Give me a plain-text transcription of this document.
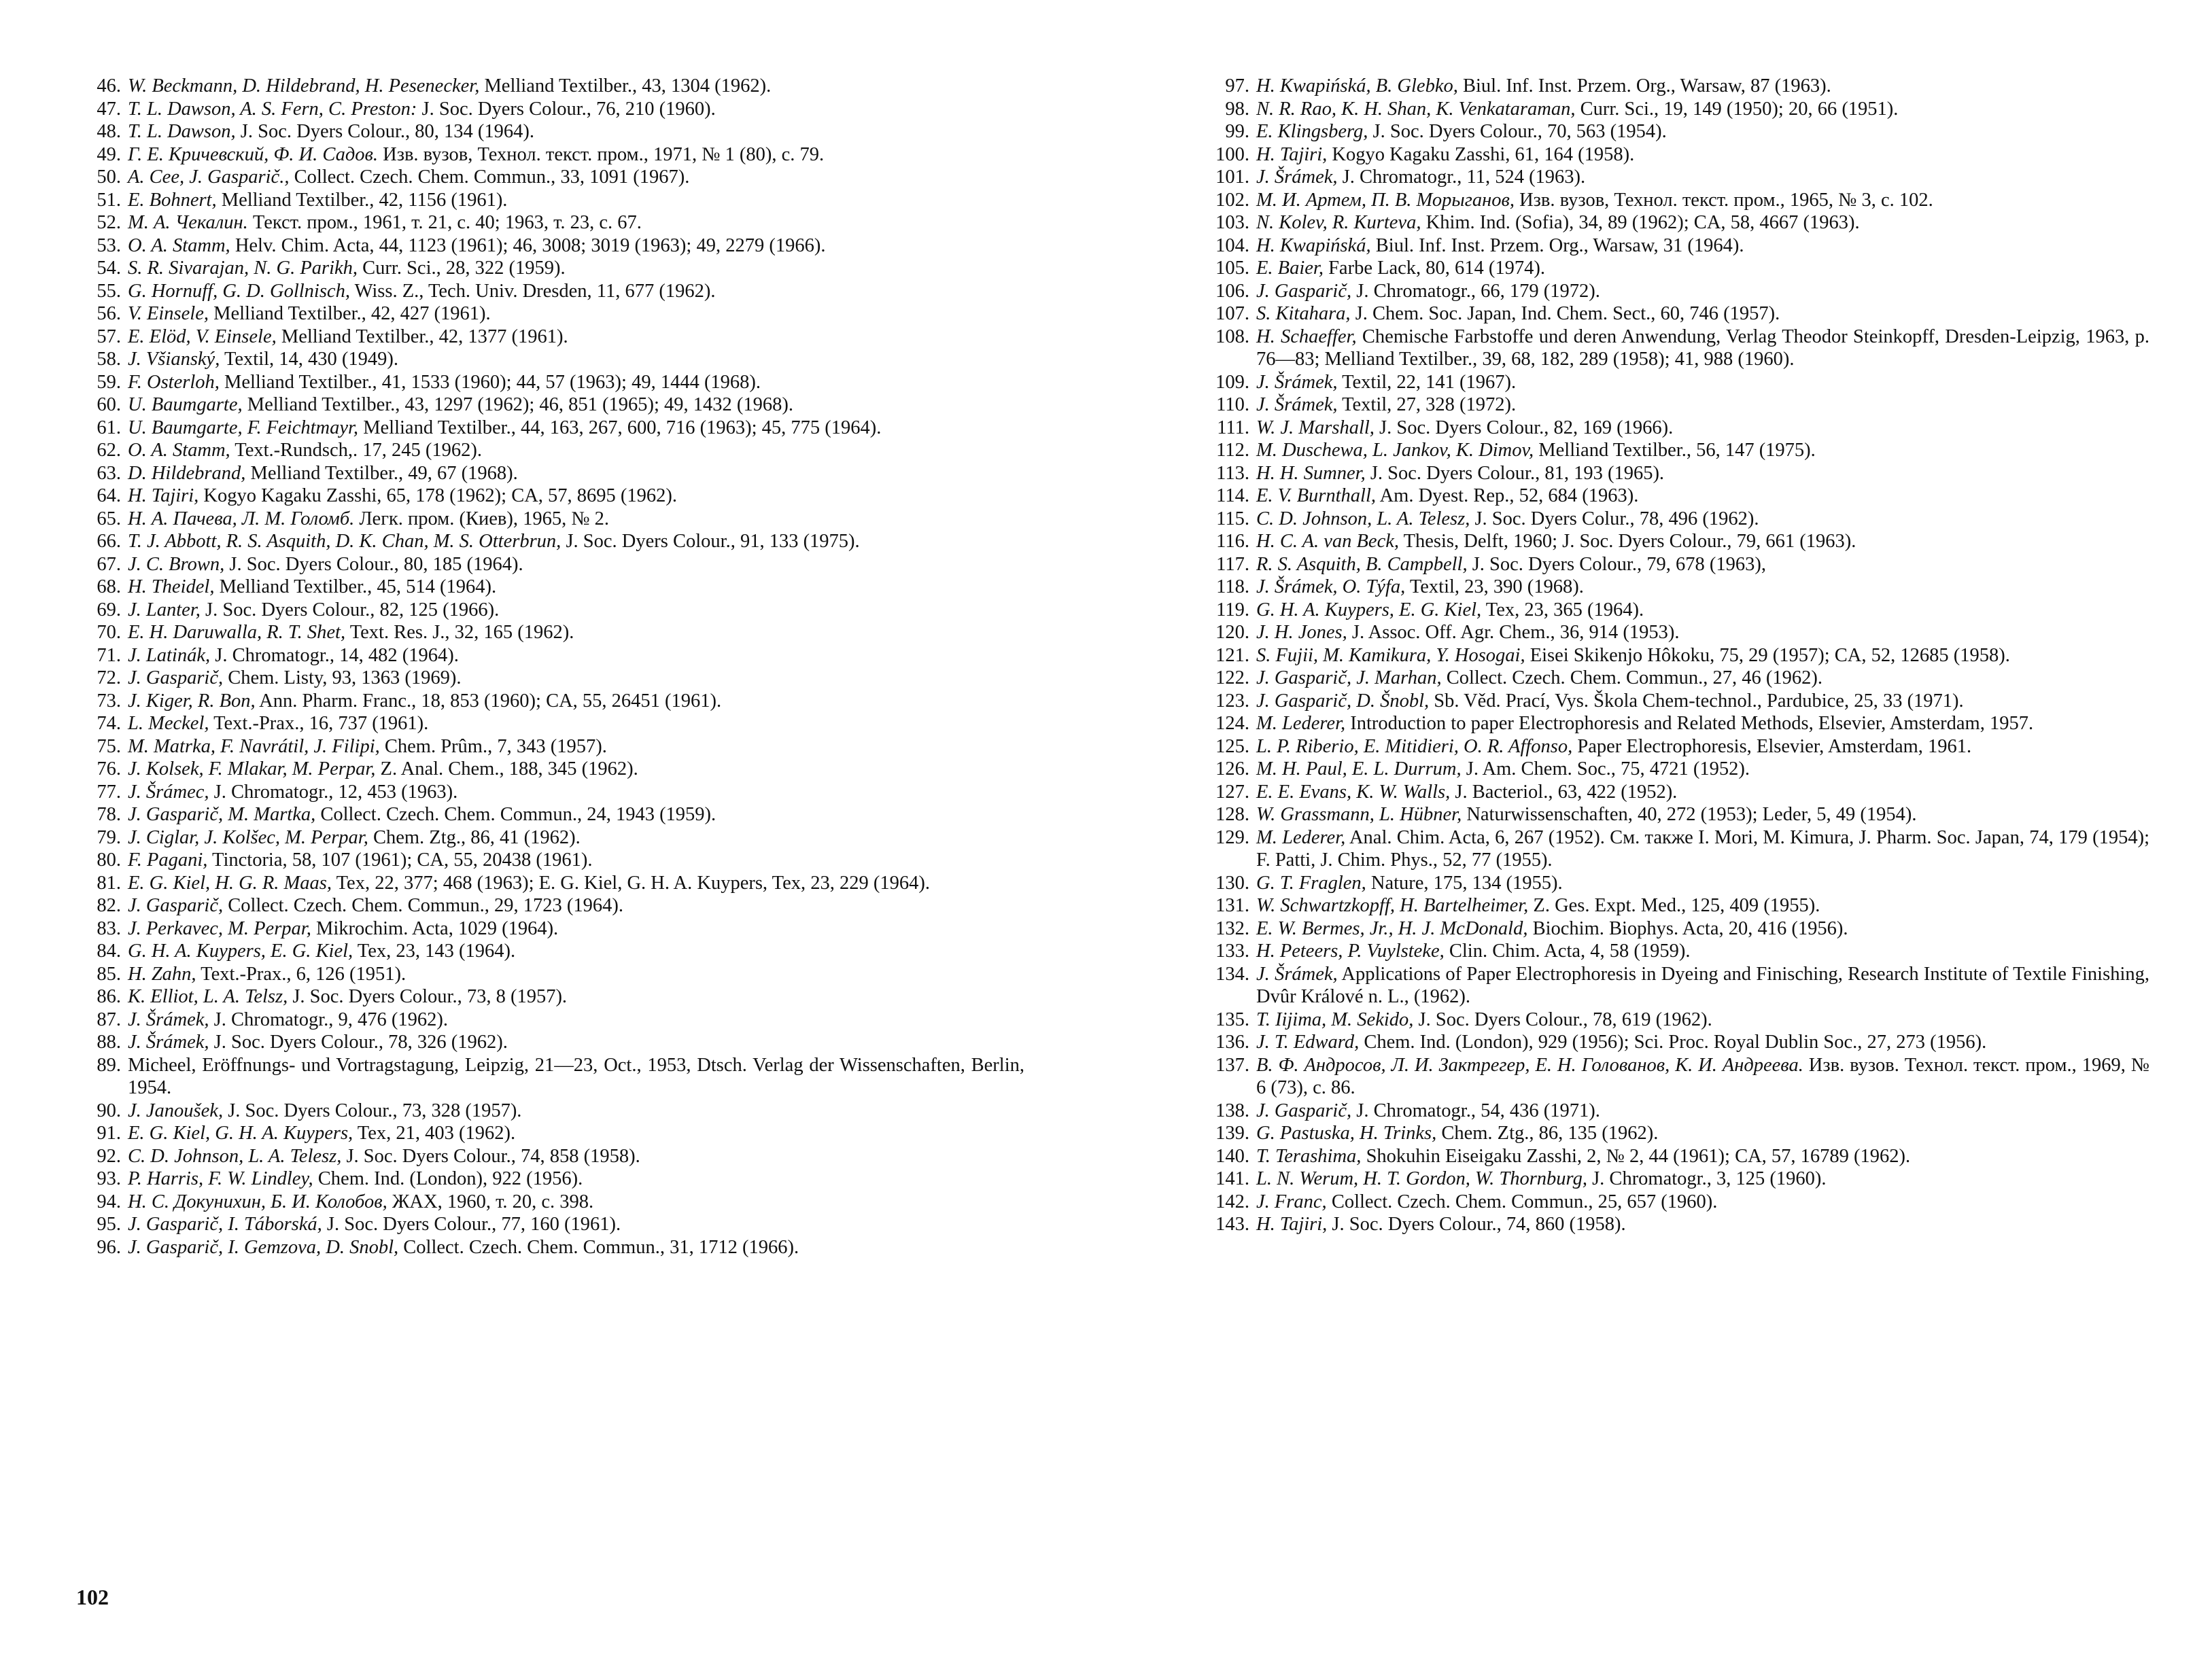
46. W. Beckmann, D. Hildebrand, H. Pesenecker, Melliand Textilber., 43, 1304 (1962).
47. T. L. Dawson, A. S. Fern, C. Preston: J. Soc. Dyers Colour., 76, 210 (1960).
48. T. L. Dawson, J. Soc. Dyers Colour., 80, 134 (1964).
49. Г. Е. Кричевский, Ф. И. Садов. Изв. вузов, Технол. текст. пром., 1971, № 1 (80), с. 79.
50. A. Cee, J. Gasparič., Collect. Czech. Chem. Commun., 33, 1091 (1967).
51. E. Bohnert, Melliand Textilber., 42, 1156 (1961).
52. М. А. Чекалин. Текст. пром., 1961, т. 21, с. 40; 1963, т. 23, с. 67.
53. O. A. Stamm, Helv. Chim. Acta, 44, 1123 (1961); 46, 3008; 3019 (1963); 49, 2279 (1966).
54. S. R. Sivarajan, N. G. Parikh, Curr. Sci., 28, 322 (1959).
55. G. Hornuff, G. D. Gollnisch, Wiss. Z., Tech. Univ. Dresden, 11, 677 (1962).
56. V. Einsele, Melliand Textilber., 42, 427 (1961).
57. E. Elöd, V. Einsele, Melliand Textilber., 42, 1377 (1961).
58. J. Všianský, Textil, 14, 430 (1949).
59. F. Osterloh, Melliand Textilber., 41, 1533 (1960); 44, 57 (1963); 49, 1444 (1968).
60. U. Baumgarte, Melliand Textilber., 43, 1297 (1962); 46, 851 (1965); 49, 1432 (1968).
61. U. Baumgarte, F. Feichtmayr, Melliand Textilber., 44, 163, 267, 600, 716 (1963); 45, 775 (1964).
62. O. A. Stamm, Text.-Rundsch,. 17, 245 (1962).
63. D. Hildebrand, Melliand Textilber., 49, 67 (1968).
64. H. Tajiri, Kogyo Kagaku Zasshi, 65, 178 (1962); CA, 57, 8695 (1962).
65. Н. А. Пачева, Л. М. Голомб. Легк. пром. (Киев), 1965, № 2.
66. T. J. Abbott, R. S. Asquith, D. K. Chan, M. S. Otterbrun, J. Soc. Dyers Colour., 91, 133 (1975).
67. J. C. Brown, J. Soc. Dyers Colour., 80, 185 (1964).
68. H. Theidel, Melliand Textilber., 45, 514 (1964).
69. J. Lanter, J. Soc. Dyers Colour., 82, 125 (1966).
70. E. H. Daruwalla, R. T. Shet, Text. Res. J., 32, 165 (1962).
71. J. Latinák, J. Chromatogr., 14, 482 (1964).
72. J. Gasparič, Chem. Listy, 93, 1363 (1969).
73. J. Kiger, R. Bon, Ann. Pharm. Franc., 18, 853 (1960); CA, 55, 26451 (1961).
74. L. Meckel, Text.-Prax., 16, 737 (1961).
75. M. Matrka, F. Navrátil, J. Filipi, Chem. Prûm., 7, 343 (1957).
76. J. Kolsek, F. Mlakar, M. Perpar, Z. Anal. Chem., 188, 345 (1962).
77. J. Šrámec, J. Chromatogr., 12, 453 (1963).
78. J. Gasparič, M. Martka, Collect. Czech. Chem. Commun., 24, 1943 (1959).
79. J. Ciglar, J. Kolšec, M. Perpar, Chem. Ztg., 86, 41 (1962).
80. F. Pagani, Tinctoria, 58, 107 (1961); CA, 55, 20438 (1961).
81. E. G. Kiel, H. G. R. Maas, Tex, 22, 377; 468 (1963); E. G. Kiel, G. H. A. Kuypers, Tex, 23, 229 (1964).
82. J. Gasparič, Collect. Czech. Chem. Commun., 29, 1723 (1964).
83. J. Perkavec, M. Perpar, Mikrochim. Acta, 1029 (1964).
84. G. H. A. Kuypers, E. G. Kiel, Tex, 23, 143 (1964).
85. H. Zahn, Text.-Prax., 6, 126 (1951).
86. K. Elliot, L. A. Telsz, J. Soc. Dyers Colour., 73, 8 (1957).
87. J. Šrámek, J. Chromatogr., 9, 476 (1962).
88. J. Šrámek, J. Soc. Dyers Colour., 78, 326 (1962).
89. Micheel, Eröffnungs- und Vortragstagung, Leipzig, 21—23, Oct., 1953, Dtsch. Verlag der Wissenschaften, Berlin, 1954.
90. J. Janoušek, J. Soc. Dyers Colour., 73, 328 (1957).
91. E. G. Kiel, G. H. A. Kuypers, Tex, 21, 403 (1962).
92. C. D. Johnson, L. A. Telesz, J. Soc. Dyers Colour., 74, 858 (1958).
93. P. Harris, F. W. Lindley, Chem. Ind. (London), 922 (1956).
94. Н. С. Докунихин, Б. И. Колобов, ЖАХ, 1960, т. 20, с. 398.
95. J. Gasparič, I. Táborská, J. Soc. Dyers Colour., 77, 160 (1961).
96. J. Gasparič, I. Gemzova, D. Snobl, Collect. Czech. Chem. Commun., 31, 1712 (1966).
97. H. Kwapińská, B. Glebko, Biul. Inf. Inst. Przem. Org., Warsaw, 87 (1963).
98. N. R. Rao, K. H. Shan, K. Venkataraman, Curr. Sci., 19, 149 (1950); 20, 66 (1951).
99. E. Klingsberg, J. Soc. Dyers Colour., 70, 563 (1954).
100. H. Tajiri, Kogyo Kagaku Zasshi, 61, 164 (1958).
101. J. Šrámek, J. Chromatogr., 11, 524 (1963).
102. М. И. Артем, П. В. Морыганов, Изв. вузов, Технол. текст. пром., 1965, № 3, с. 102.
103. N. Kolev, R. Kurteva, Khim. Ind. (Sofia), 34, 89 (1962); CA, 58, 4667 (1963).
104. H. Kwapińská, Biul. Inf. Inst. Przem. Org., Warsaw, 31 (1964).
105. E. Baier, Farbe Lack, 80, 614 (1974).
106. J. Gasparič, J. Chromatogr., 66, 179 (1972).
107. S. Kitahara, J. Chem. Soc. Japan, Ind. Chem. Sect., 60, 746 (1957).
108. H. Schaeffer, Chemische Farbstoffe und deren Anwendung, Verlag Theodor Steinkopff, Dresden-Leipzig, 1963, p. 76—83; Melliand Textilber., 39, 68, 182, 289 (1958); 41, 988 (1960).
109. J. Šrámek, Textil, 22, 141 (1967).
110. J. Šrámek, Textil, 27, 328 (1972).
111. W. J. Marshall, J. Soc. Dyers Colour., 82, 169 (1966).
112. M. Duschewa, L. Jankov, K. Dimov, Melliand Textilber., 56, 147 (1975).
113. H. H. Sumner, J. Soc. Dyers Colour., 81, 193 (1965).
114. E. V. Burnthall, Am. Dyest. Rep., 52, 684 (1963).
115. C. D. Johnson, L. A. Telesz, J. Soc. Dyers Colur., 78, 496 (1962).
116. H. C. A. van Beck, Thesis, Delft, 1960; J. Soc. Dyers Colour., 79, 661 (1963).
117. R. S. Asquith, B. Campbell, J. Soc. Dyers Colour., 79, 678 (1963),
118. J. Šrámek, O. Týfa, Textil, 23, 390 (1968).
119. G. H. A. Kuypers, E. G. Kiel, Tex, 23, 365 (1964).
120. J. H. Jones, J. Assoc. Off. Agr. Chem., 36, 914 (1953).
121. S. Fujii, M. Kamikura, Y. Hosogai, Eisei Skikenjo Hôkoku, 75, 29 (1957); CA, 52, 12685 (1958).
122. J. Gasparič, J. Marhan, Collect. Czech. Chem. Commun., 27, 46 (1962).
123. J. Gasparič, D. Šnobl, Sb. Věd. Prací, Vys. Škola Chem-technol., Pardubice, 25, 33 (1971).
124. M. Lederer, Introduction to paper Electrophoresis and Related Methods, Elsevier, Amsterdam, 1957.
125. L. P. Riberio, E. Mitidieri, O. R. Affonso, Paper Electrophoresis, Elsevier, Amsterdam, 1961.
126. M. H. Paul, E. L. Durrum, J. Am. Chem. Soc., 75, 4721 (1952).
127. E. E. Evans, K. W. Walls, J. Bacteriol., 63, 422 (1952).
128. W. Grassmann, L. Hübner, Naturwissenschaften, 40, 272 (1953); Leder, 5, 49 (1954).
129. M. Lederer, Anal. Chim. Acta, 6, 267 (1952). См. также I. Mori, M. Kimura, J. Pharm. Soc. Japan, 74, 179 (1954); F. Patti, J. Chim. Phys., 52, 77 (1955).
130. G. T. Fraglen, Nature, 175, 134 (1955).
131. W. Schwartzkopff, H. Bartelheimer, Z. Ges. Expt. Med., 125, 409 (1955).
132. E. W. Bermes, Jr., H. J. McDonald, Biochim. Biophys. Acta, 20, 416 (1956).
133. H. Peteers, P. Vuylsteke, Clin. Chim. Acta, 4, 58 (1959).
134. J. Šrámek, Applications of Paper Electrophoresis in Dyeing and Finisching, Research Institute of Textile Finishing, Dvûr Králové n. L., (1962).
135. T. Iijima, M. Sekido, J. Soc. Dyers Colour., 78, 619 (1962).
136. J. T. Edward, Chem. Ind. (London), 929 (1956); Sci. Proc. Royal Dublin Soc., 27, 273 (1956).
137. В. Ф. Андросов, Л. И. Зактрегер, Е. Н. Голованов, К. И. Андреева. Изв. вузов. Технол. текст. пром., 1969, № 6 (73), с. 86.
138. J. Gasparič, J. Chromatogr., 54, 436 (1971).
139. G. Pastuska, H. Trinks, Chem. Ztg., 86, 135 (1962).
140. T. Terashima, Shokuhin Eiseigaku Zasshi, 2, № 2, 44 (1961); CA, 57, 16789 (1962).
141. L. N. Werum, H. T. Gordon, W. Thornburg, J. Chromatogr., 3, 125 (1960).
142. J. Franc, Collect. Czech. Chem. Commun., 25, 657 (1960).
143. H. Tajiri, J. Soc. Dyers Colour., 74, 860 (1958).
102
